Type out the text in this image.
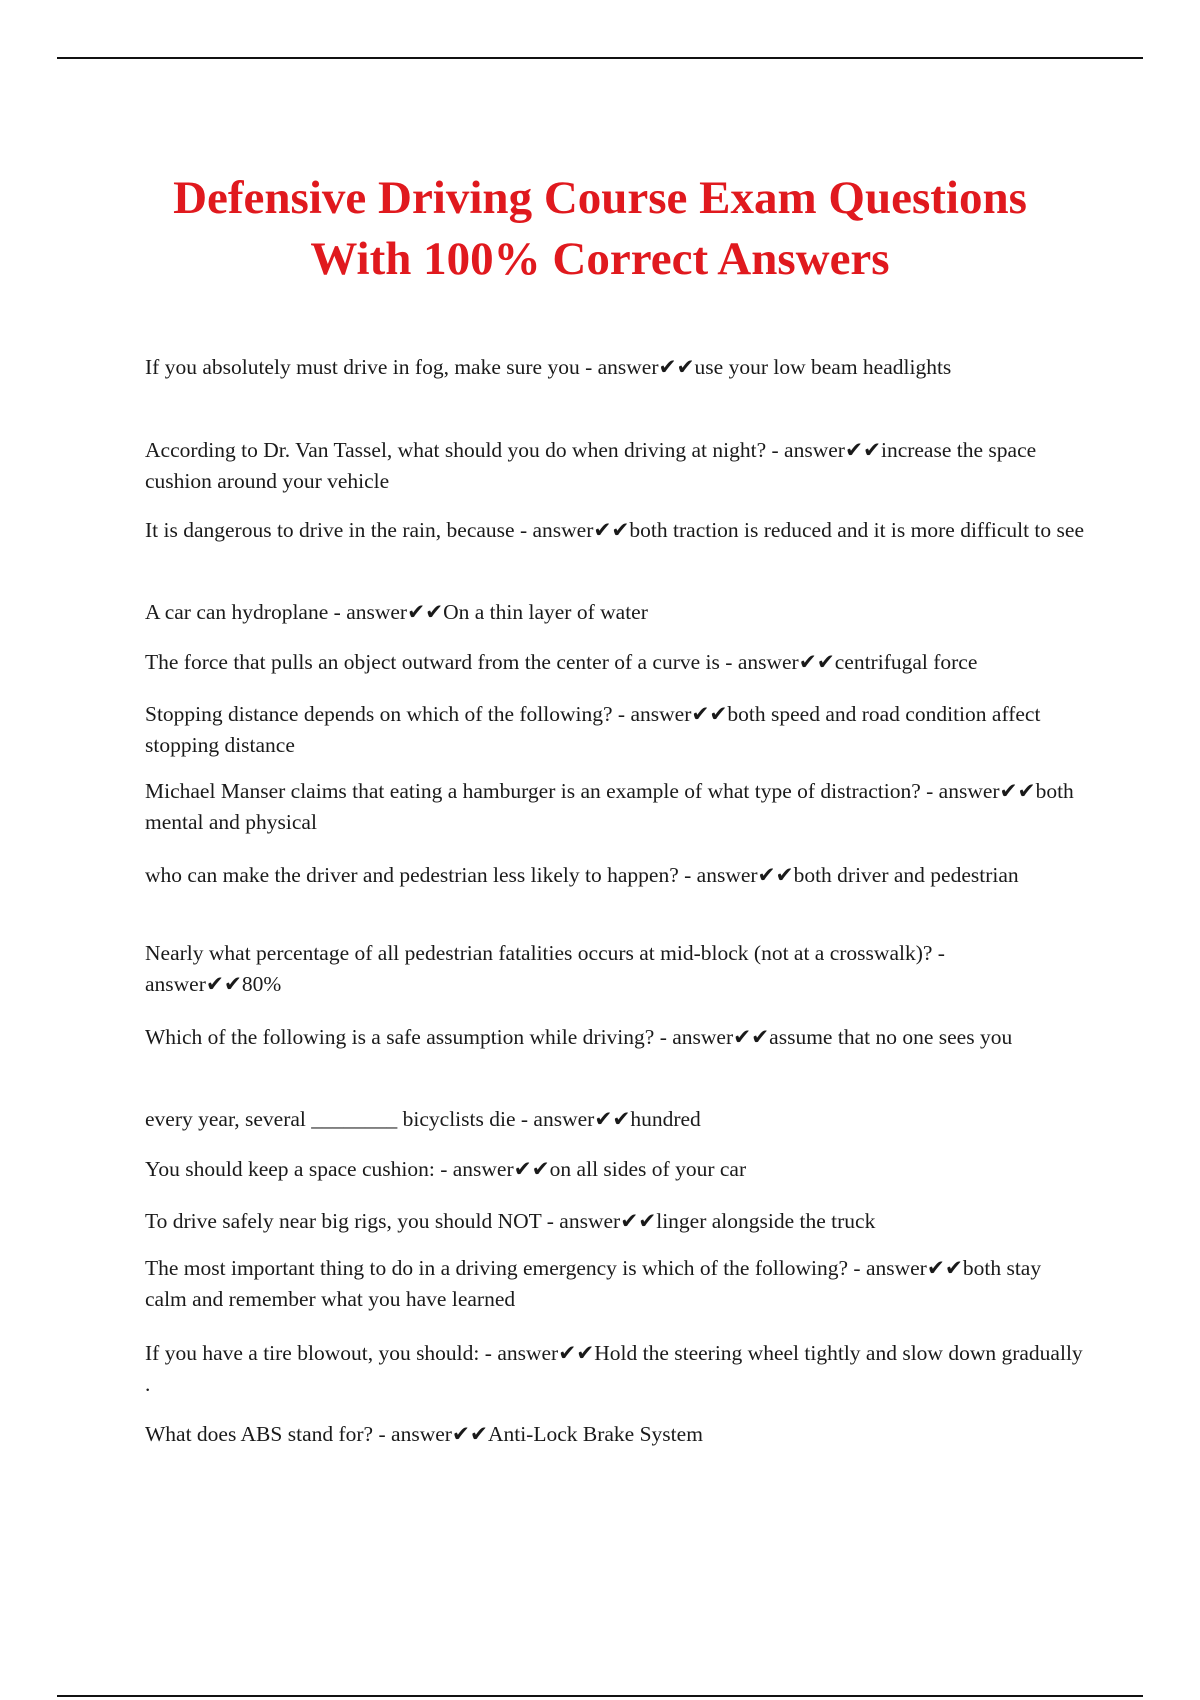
Defensive Driving Course Exam Questions
With 100% Correct Answers

If you absolutely must drive in fog, make sure you - answer✔✔use your low beam headlights

According to Dr. Van Tassel, what should you do when driving at night? - answer✔✔increase the space cushion around your vehicle

It is dangerous to drive in the rain, because - answer✔✔both traction is reduced and it is more difficult to see

A car can hydroplane - answer✔✔On a thin layer of water

The force that pulls an object outward from the center of a curve is - answer✔✔centrifugal force

Stopping distance depends on which of the following? - answer✔✔both speed and road condition affect stopping distance

Michael Manser claims that eating a hamburger is an example of what type of distraction? - answer✔✔both mental and physical

who can make the driver and pedestrian less likely to happen? - answer✔✔both driver and pedestrian

Nearly what percentage of all pedestrian fatalities occurs at mid-block (not at a crosswalk)? - answer✔✔80%

Which of the following is a safe assumption while driving? - answer✔✔assume that no one sees you

every year, several ________ bicyclists die - answer✔✔hundred

You should keep a space cushion: - answer✔✔on all sides of your car

To drive safely near big rigs, you should NOT - answer✔✔linger alongside the truck

The most important thing to do in a driving emergency is which of the following? - answer✔✔both stay calm and remember what you have learned

If you have a tire blowout, you should: - answer✔✔Hold the steering wheel tightly and slow down gradually .

What does ABS stand for? - answer✔✔Anti-Lock Brake System
